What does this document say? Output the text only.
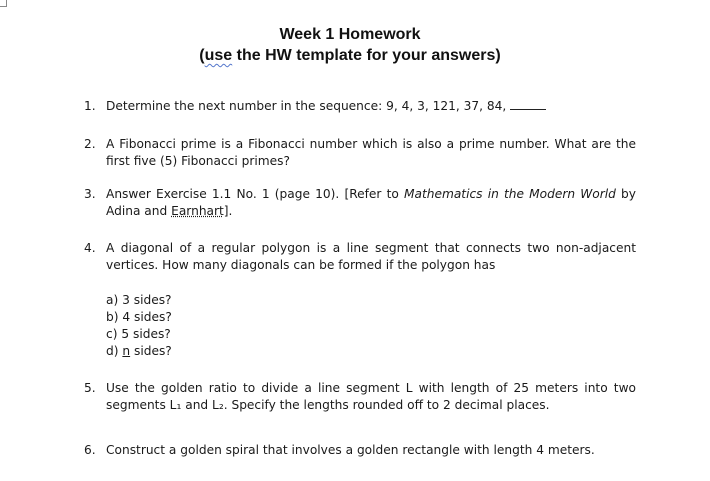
Week 1 Homework
(use the HW template for your answers)
1. Determine the next number in the sequence: 9, 4, 3, 121, 37, 84,
2. A Fibonacci prime is a Fibonacci number which is also a prime number. What are the first five (5) Fibonacci primes?
3. Answer Exercise 1.1 No. 1 (page 10). [Refer to Mathematics in the Modern World by Adina and Earnhart].
4. A diagonal of a regular polygon is a line segment that connects two non-adjacent vertices. How many diagonals can be formed if the polygon has
a) 3 sides?
b) 4 sides?
c) 5 sides?
d) n sides?
5. Use the golden ratio to divide a line segment L with length of 25 meters into two segments L₁ and L₂. Specify the lengths rounded off to 2 decimal places.
6. Construct a golden spiral that involves a golden rectangle with length 4 meters.
